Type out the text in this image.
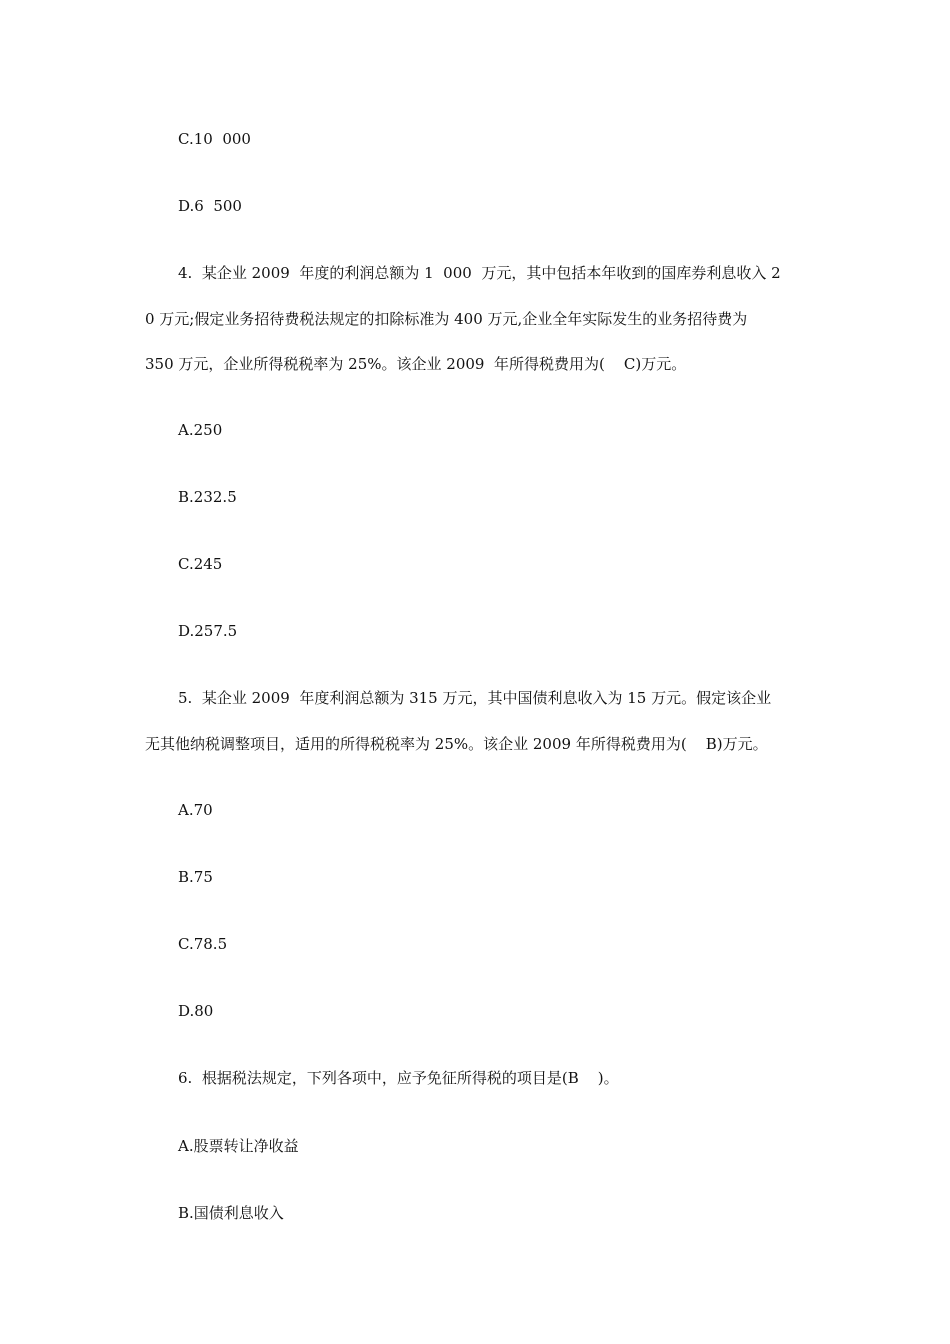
C.10  000
D.6  500
4.  某企业 2009  年度的利润总额为 1  000  万元，其中包括本年收到的国库券利息收入 2
0 万元;假定业务招待费税法规定的扣除标准为 400 万元,企业全年实际发生的业务招待费为
350 万元，企业所得税税率为 25%。该企业 2009  年所得税费用为(    C)万元。
A.250
B.232.5
C.245
D.257.5
5.  某企业 2009  年度利润总额为 315 万元，其中国债利息收入为 15 万元。假定该企业
无其他纳税调整项目，适用的所得税税率为 25%。该企业 2009 年所得税费用为(    B)万元。
A.70
B.75
C.78.5
D.80
6.  根据税法规定，下列各项中，应予免征所得税的项目是(B    )。
A.股票转让净收益
B.国债利息收入
